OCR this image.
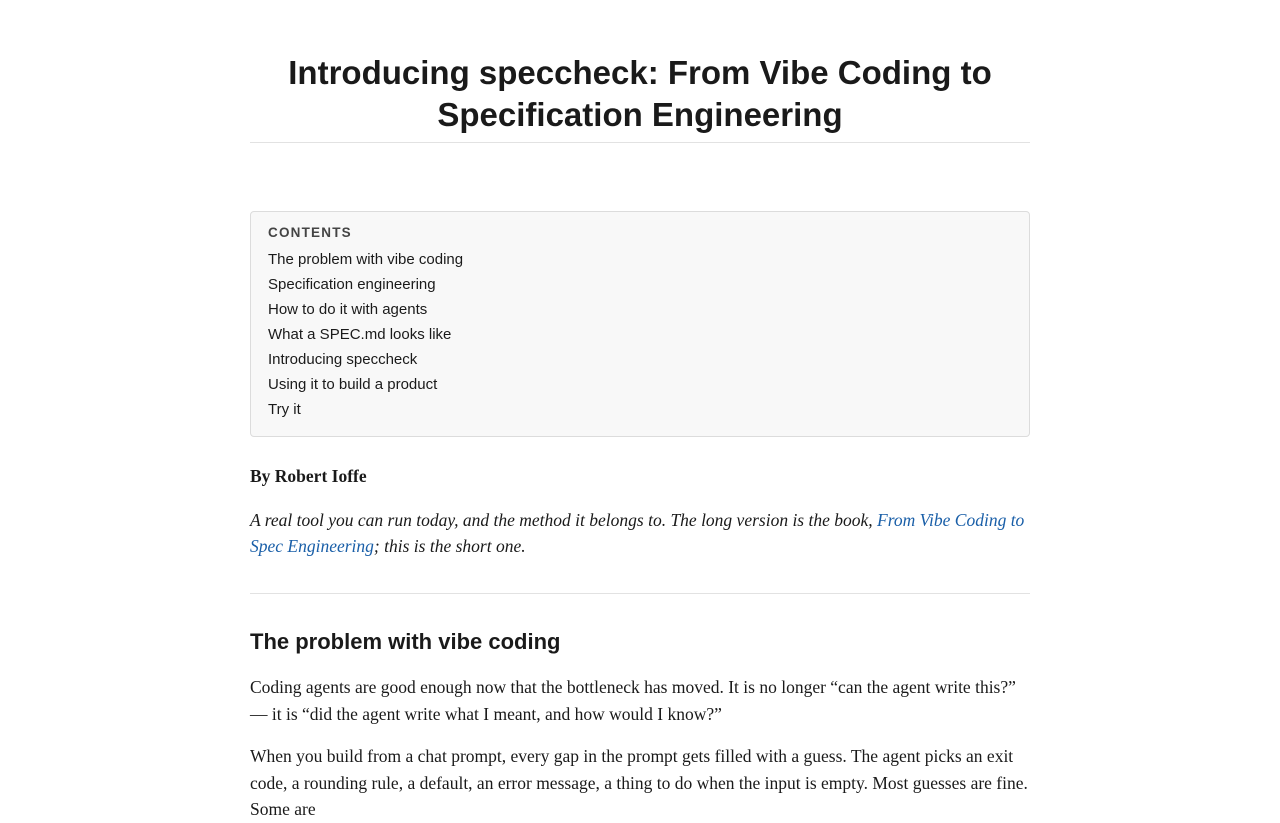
Introducing speccheck: From Vibe Coding to Specification Engineering
CONTENTS
The problem with vibe coding
Specification engineering
How to do it with agents
What a SPEC.md looks like
Introducing speccheck
Using it to build a product
Try it
By Robert Ioffe

A real tool you can run today, and the method it belongs to. The long version is the book, From Vibe Coding to Spec Engineering; this is the short one.

The problem with vibe coding

Coding agents are good enough now that the bottleneck has moved. It is no longer “can the agent write this?” — it is “did the agent write what I meant, and how would I know?”

When you build from a chat prompt, every gap in the prompt gets filled with a guess. The agent picks an exit code, a rounding rule, a default, an error message, a thing to do when the input is empty. Most guesses are fine. Some are
